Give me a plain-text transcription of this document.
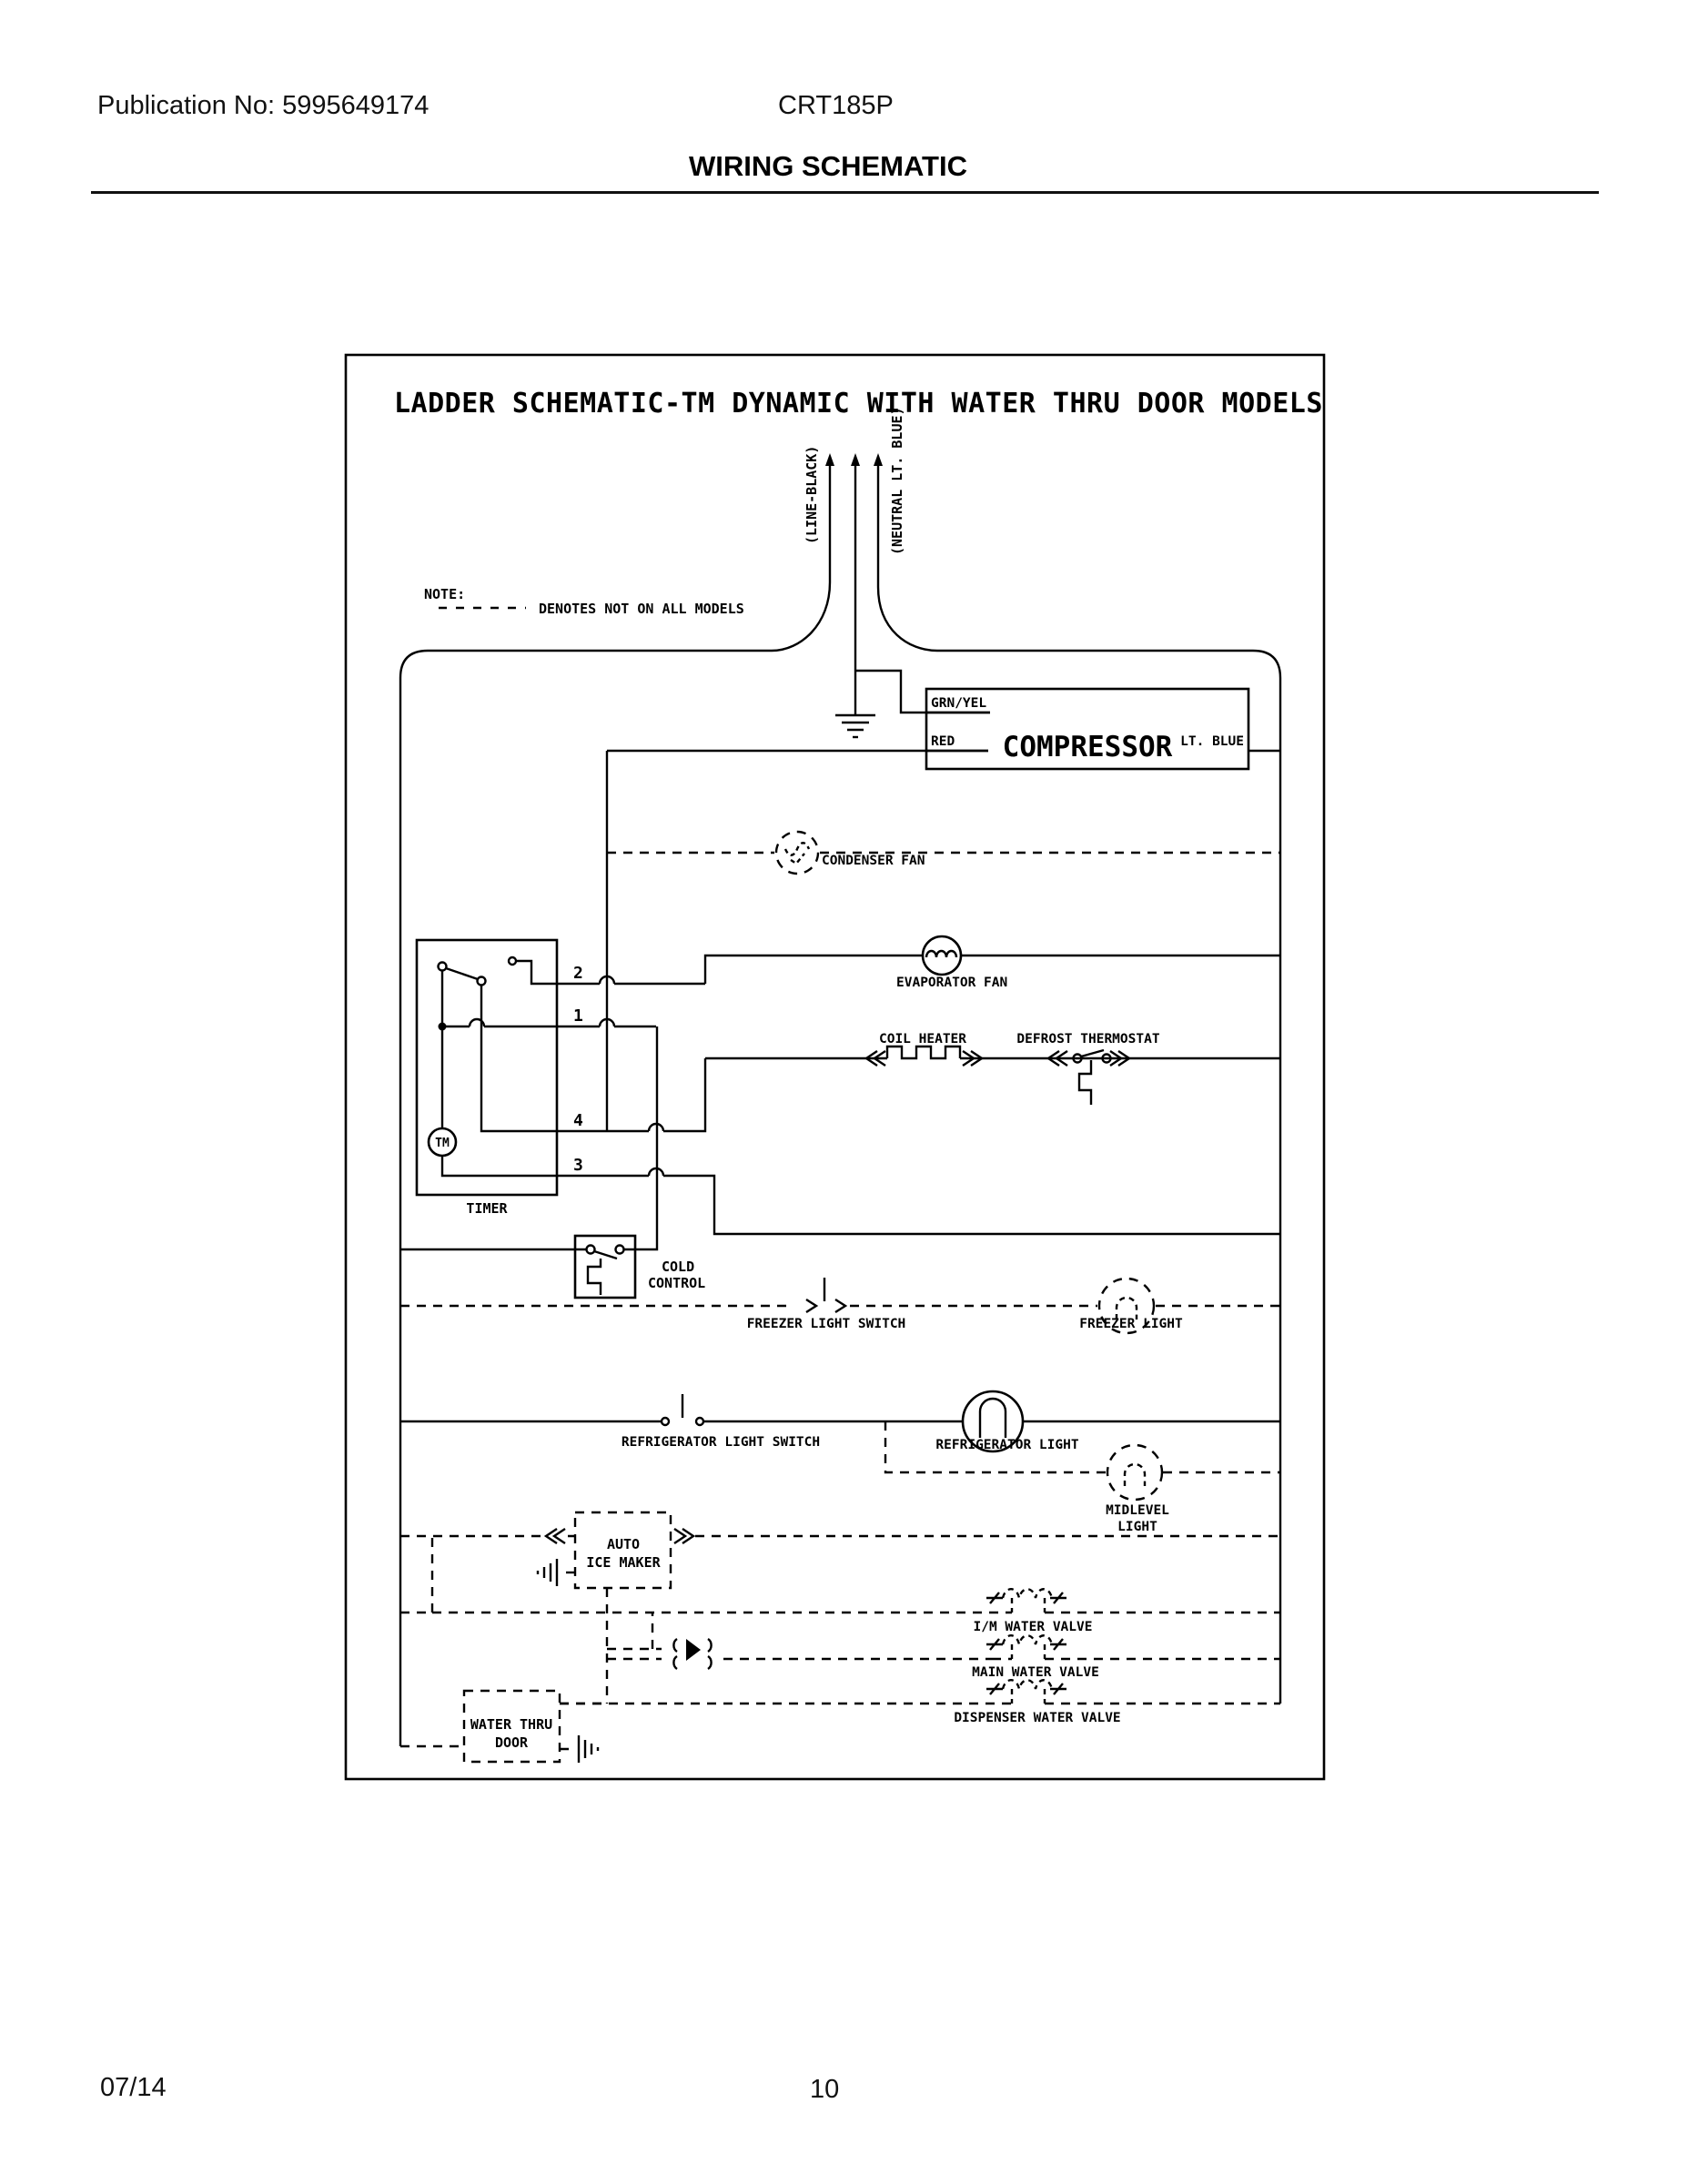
Publication No: 5995649174	CRT185P
WIRING SCHEMATIC
LADDER SCHEMATIC-TM DYNAMIC WITH WATER THRU DOOR MODELS
NOTE:
DENOTES NOT ON ALL MODELS
(LINE-BLACK)	(NEUTRAL LT. BLUE)
GRN/YEL
RED	LT. BLUE
COMPRESSOR
CONDENSER FAN
EVAPORATOR FAN
TM
2
1
4
3
TIMER
COIL HEATER	DEFROST THERMOSTAT
COLD
CONTROL
FREEZER LIGHT SWITCH	FREEZER LIGHT
REFRIGERATOR LIGHT SWITCH	REFRIGERATOR LIGHT
MIDLEVEL
LIGHT
AUTO
ICE MAKER
I/M WATER VALVE
MAIN WATER VALVE
DISPENSER WATER VALVE
WATER THRU
DOOR
07/14	10
